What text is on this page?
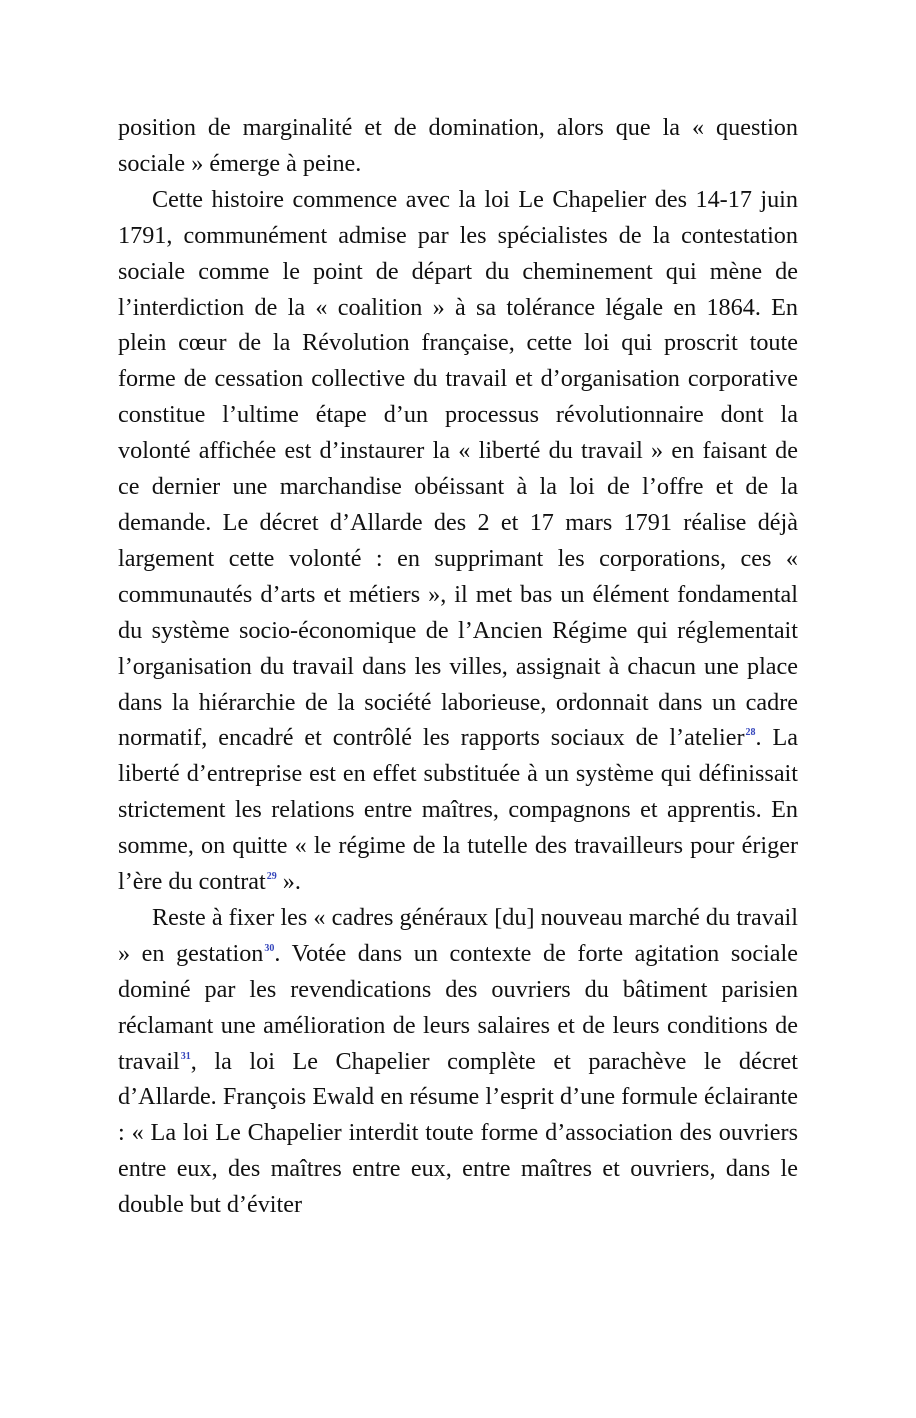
position de marginalité et de domination, alors que la « question sociale » émerge à peine.

Cette histoire commence avec la loi Le Chapelier des 14-17 juin 1791, communément admise par les spécialistes de la contestation sociale comme le point de départ du cheminement qui mène de l’interdiction de la « coalition » à sa tolérance légale en 1864. En plein cœur de la Révolution française, cette loi qui proscrit toute forme de cessation collective du travail et d’organisation corporative constitue l’ultime étape d’un processus révolutionnaire dont la volonté affichée est d’instaurer la « liberté du travail » en faisant de ce dernier une marchandise obéissant à la loi de l’offre et de la demande. Le décret d’Allarde des 2 et 17 mars 1791 réalise déjà largement cette volonté : en supprimant les corporations, ces « communautés d’arts et métiers », il met bas un élément fondamental du système socio-économique de l’Ancien Régime qui réglementait l’organisation du travail dans les villes, assignait à chacun une place dans la hiérarchie de la société laborieuse, ordonnait dans un cadre normatif, encadré et contrôlé les rapports sociaux de l’atelier$^{28}$. La liberté d’entreprise est en effet substituée à un système qui définissait strictement les relations entre maîtres, compagnons et apprentis. En somme, on quitte « le régime de la tutelle des travailleurs pour ériger l’ère du contrat$^{29}$ ».

Reste à fixer les « cadres généraux [du] nouveau marché du travail » en gestation$^{30}$. Votée dans un contexte de forte agitation sociale dominé par les revendications des ouvriers du bâtiment parisien réclamant une amélioration de leurs salaires et de leurs conditions de travail$^{31}$, la loi Le Chapelier complète et parachève le décret d’Allarde. François Ewald en résume l’esprit d’une formule éclairante : « La loi Le Chapelier interdit toute forme d’association des ouvriers entre eux, des maîtres entre eux, entre maîtres et ouvriers, dans le double but d’éviter
